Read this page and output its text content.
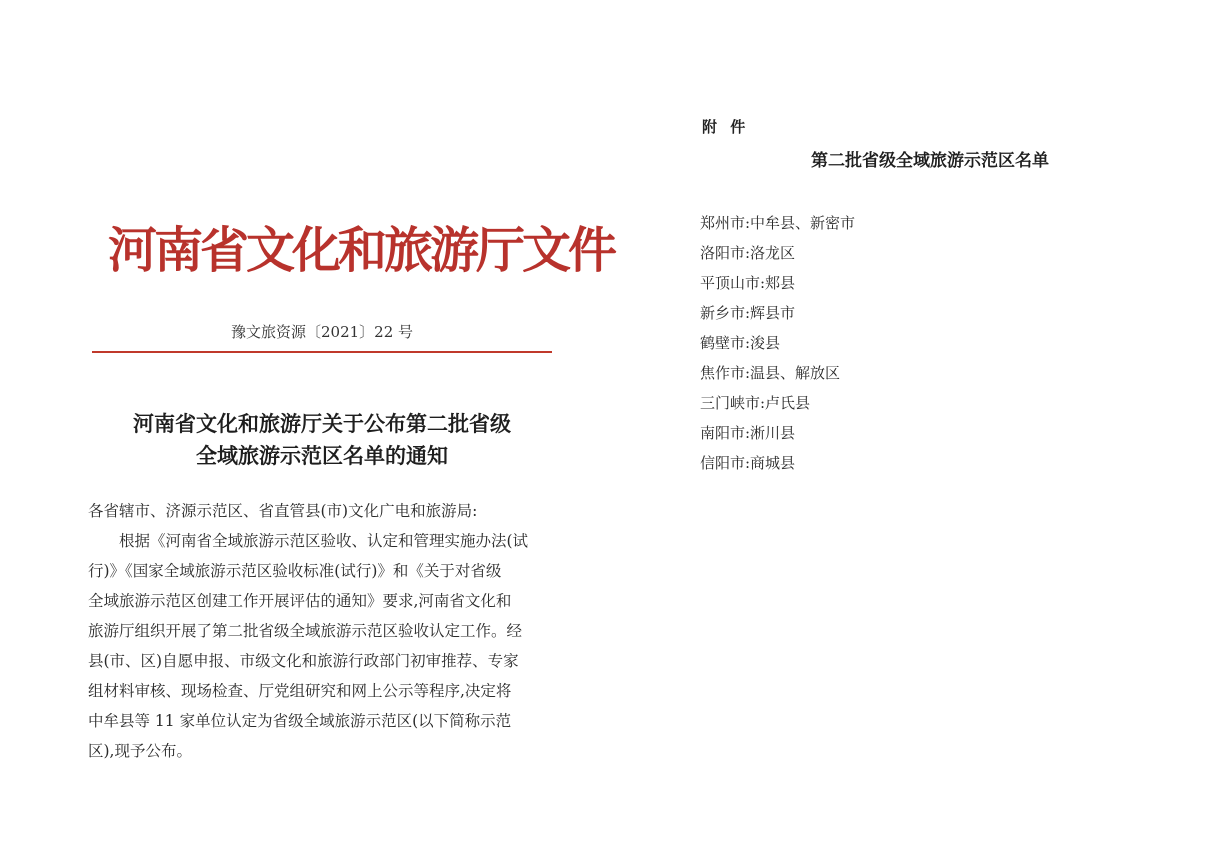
河南省文化和旅游厅文件
豫文旅资源〔2021〕22 号
河南省文化和旅游厅关于公布第二批省级
全域旅游示范区名单的通知
各省辖市、济源示范区、省直管县(市)文化广电和旅游局:
根据《河南省全域旅游示范区验收、认定和管理实施办法(试
行)》《国家全域旅游示范区验收标准(试行)》和《关于对省级
全域旅游示范区创建工作开展评估的通知》要求,河南省文化和
旅游厅组织开展了第二批省级全域旅游示范区验收认定工作。经
县(市、区)自愿申报、市级文化和旅游行政部门初审推荐、专家
组材料审核、现场检查、厅党组研究和网上公示等程序,决定将
中牟县等 11 家单位认定为省级全域旅游示范区(以下简称示范
区),现予公布。
附 件
第二批省级全域旅游示范区名单
郑州市:中牟县、新密市
洛阳市:洛龙区
平顶山市:郏县
新乡市:辉县市
鹤壁市:浚县
焦作市:温县、解放区
三门峡市:卢氏县
南阳市:淅川县
信阳市:商城县
